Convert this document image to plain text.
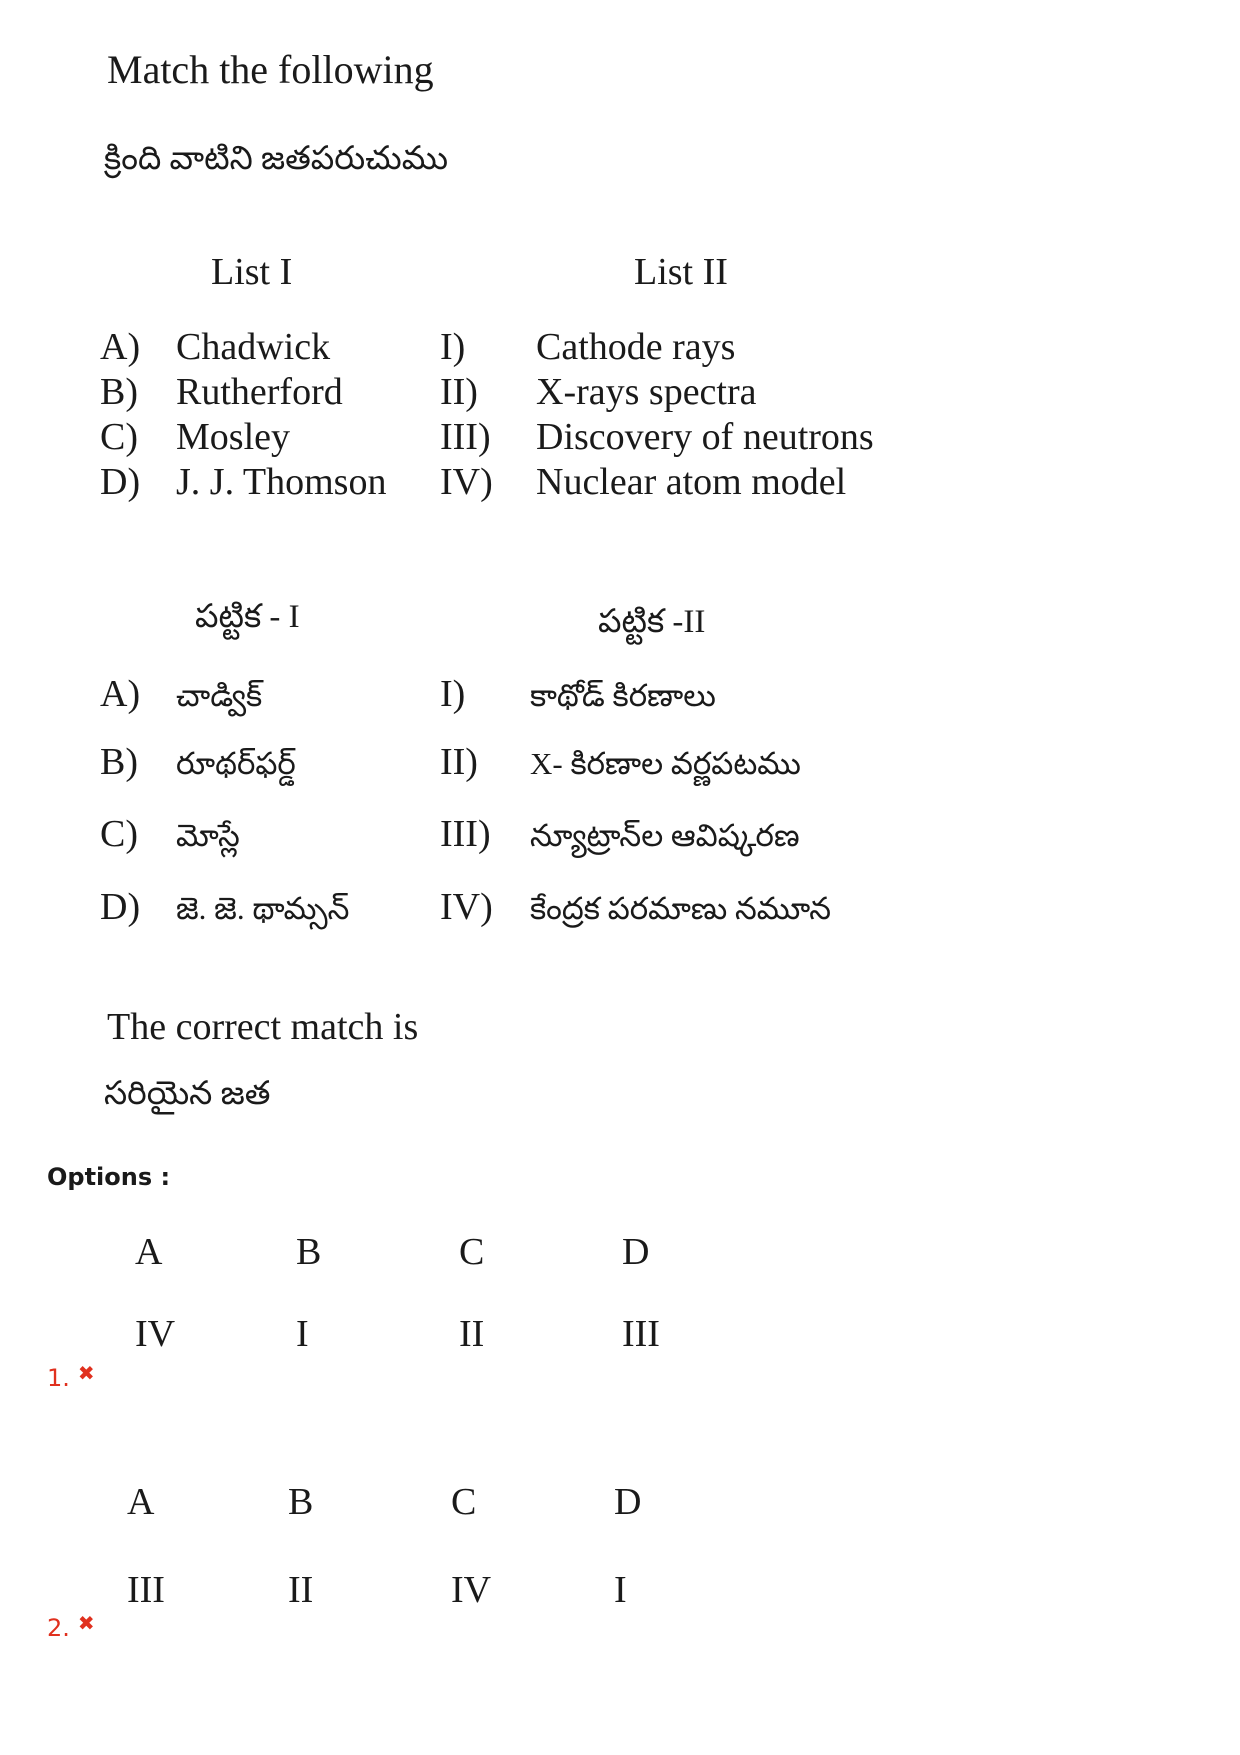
Match the following
క్రింది వాటిని జతపరుచుము
List I	List II
A) Chadwick	I) Cathode rays
B) Rutherford	II) X-rays spectra
C) Mosley	III) Discovery of neutrons
D) J. J. Thomson IV) Nuclear atom model
పట్టిక - I	పట్టిక -II
A) చాడ్విక్	I) కాథోడ్ కిరణాలు
B) రూథర్‌ఫర్డ్	II) X- కిరణాల వర్ణపటము
C) మోస్లే	III) న్యూట్రాన్‌ల ఆవిష్కరణ
D) జె. జె. థామ్సన్ IV) కేంద్రక పరమాణు నమూన
The correct match is
సరియైన జత
Options :
A	B	C	D
IV	I	II	III
1. ✖
A	B	C	D
III	II	IV	I
2. ✖
